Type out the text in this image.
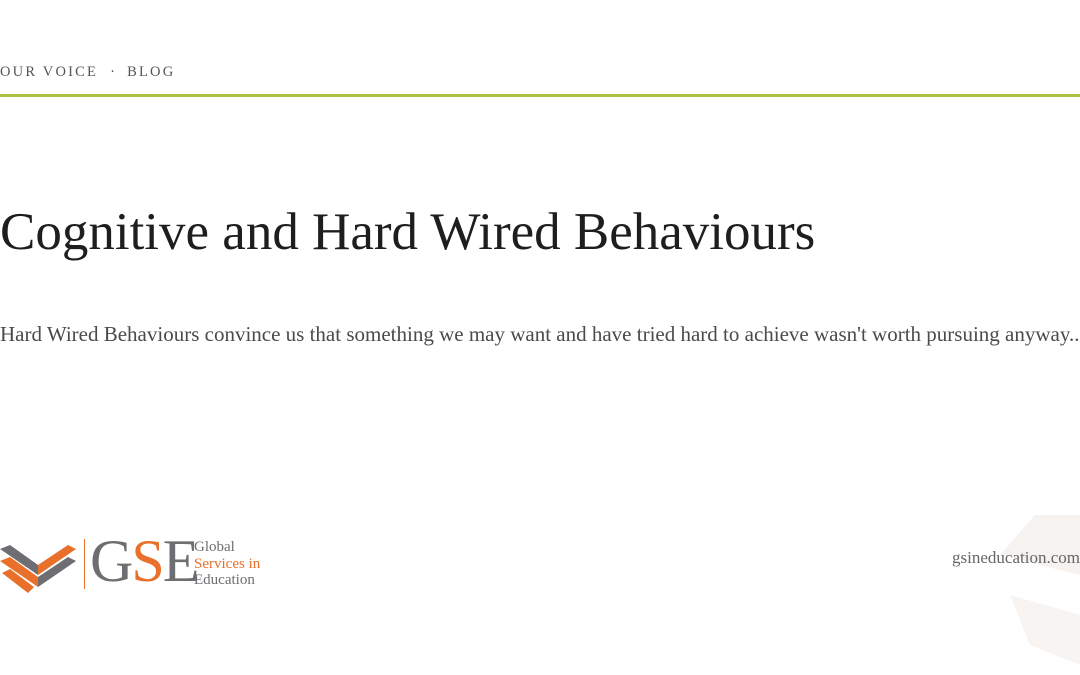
OUR VOICE · BLOG
Cognitive and Hard Wired Behaviours

Hard Wired Behaviours convince us that something we may want and have tried hard to achieve wasn't worth pursuing anyway..

GSE
Global
Services in
Education
gsineducation.com
